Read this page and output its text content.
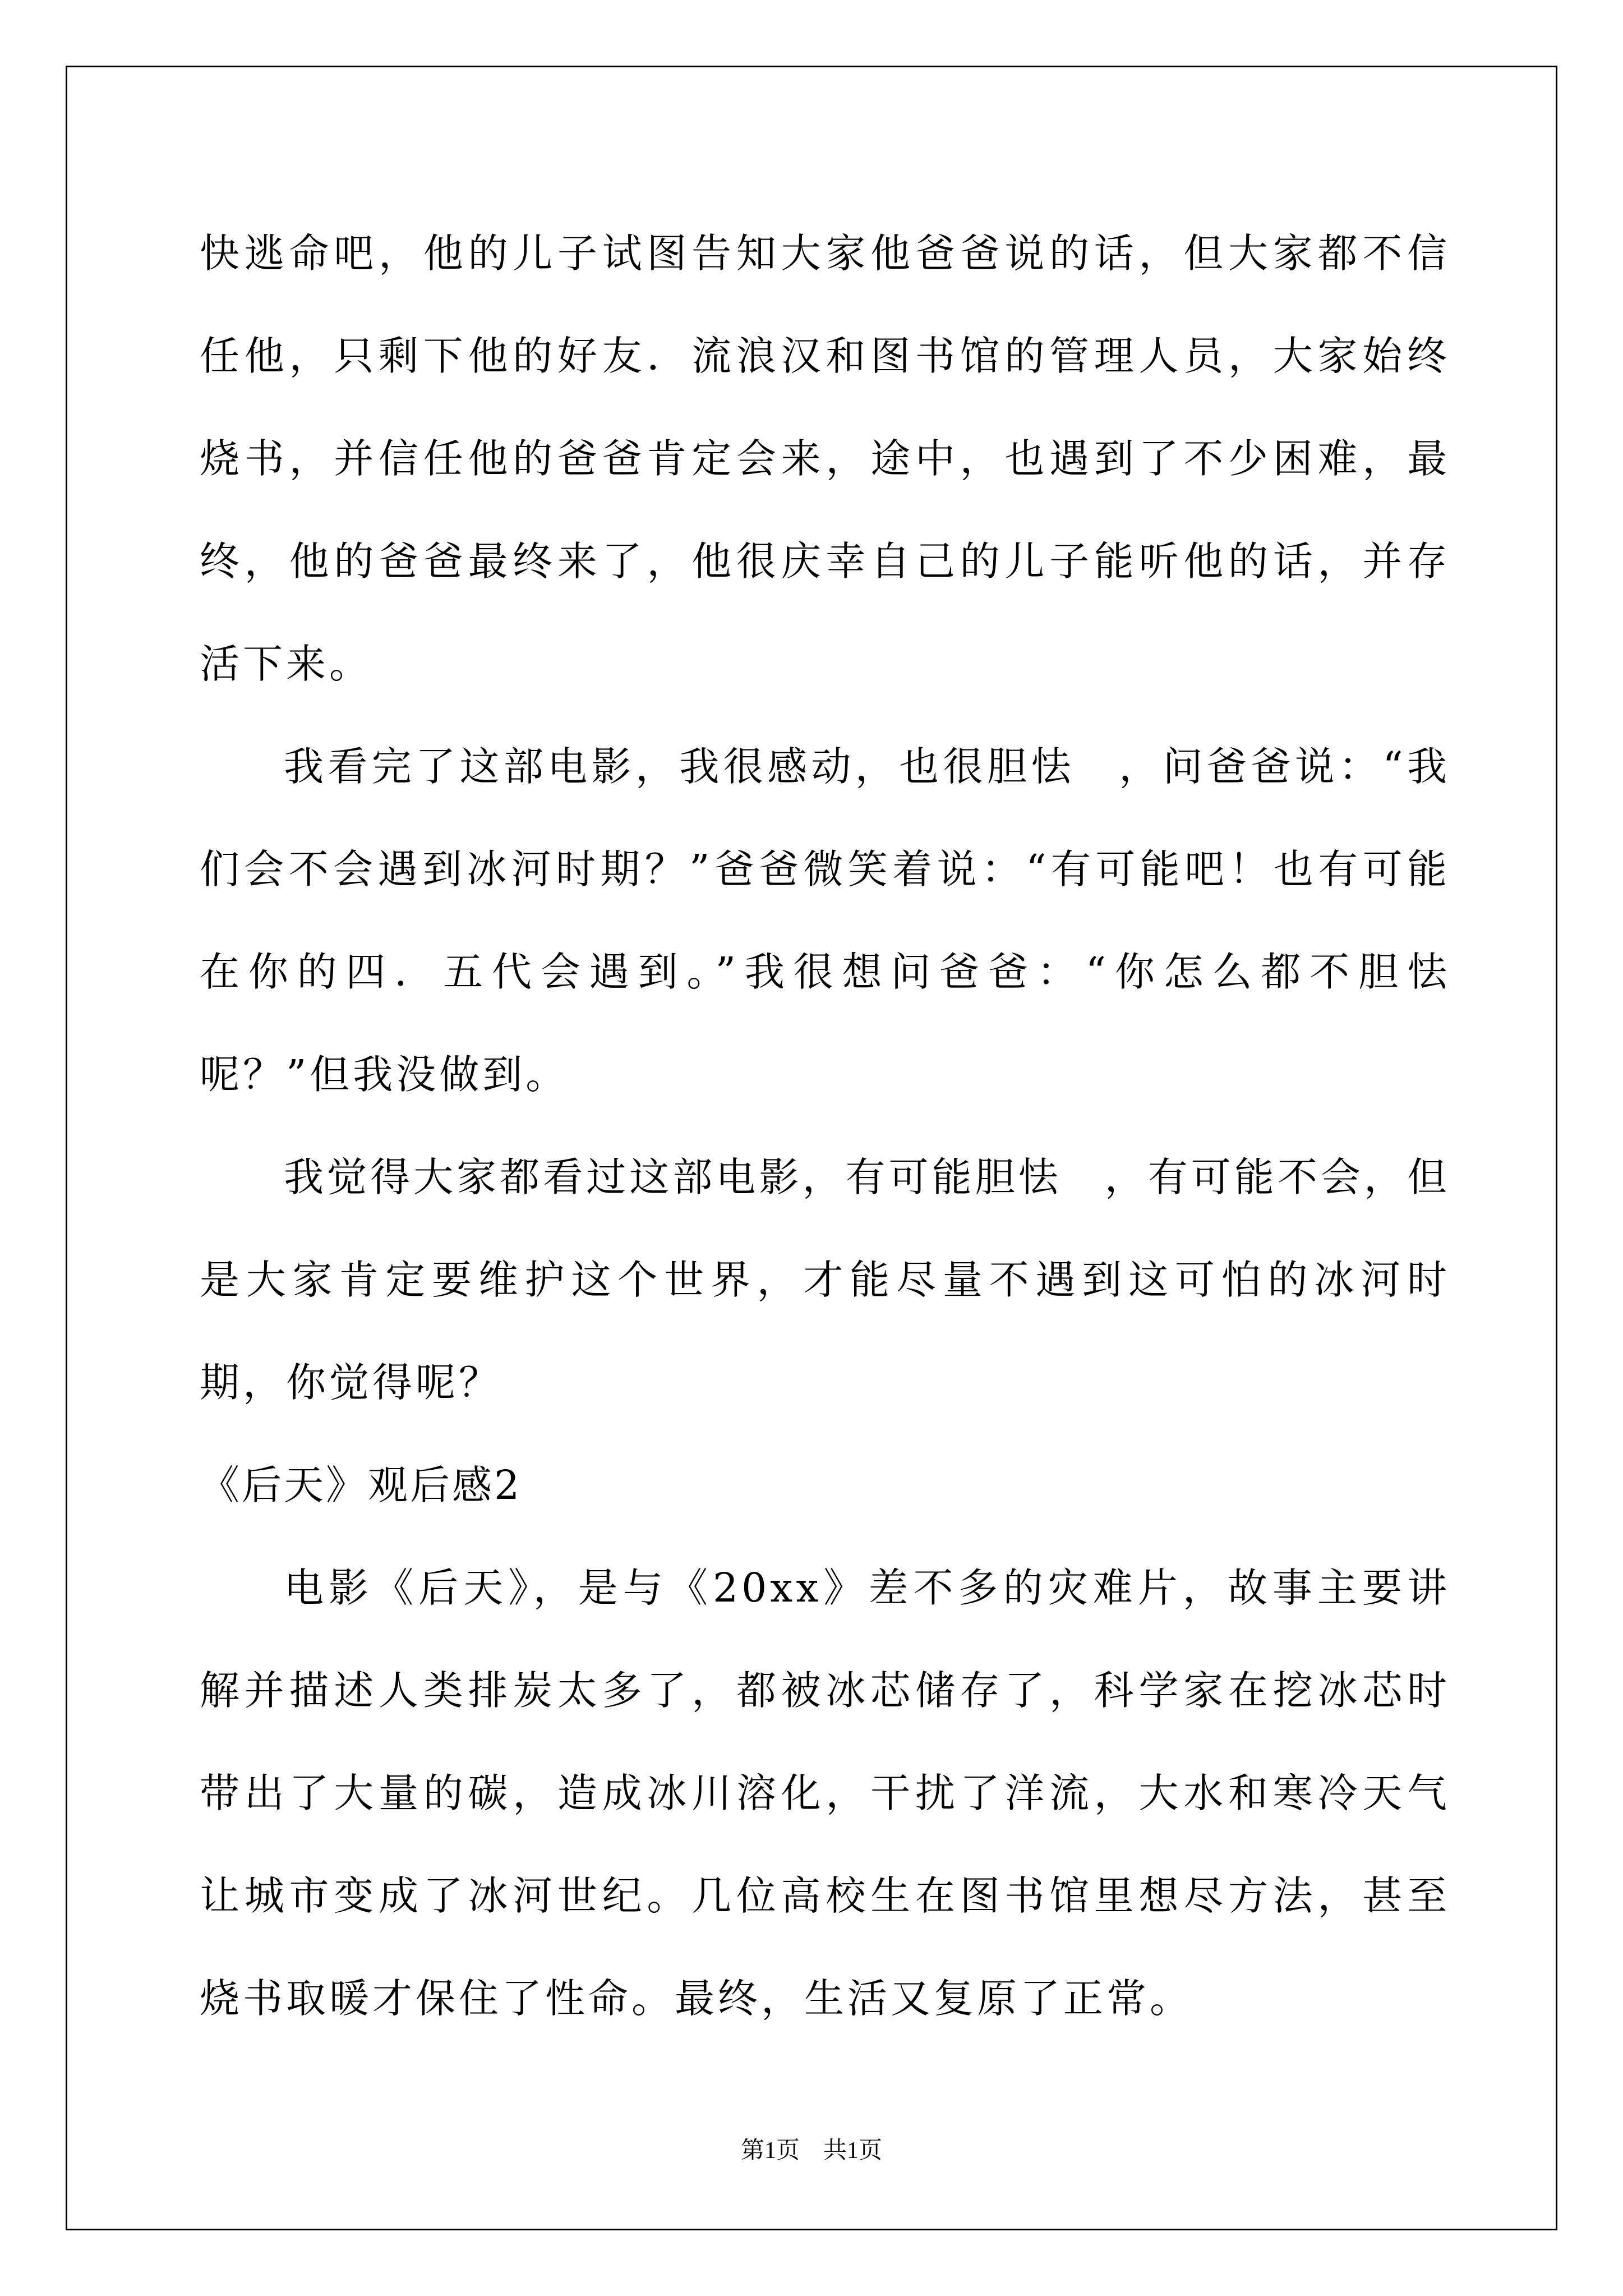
快逃命吧，他的儿子试图告知大家他爸爸说的话，但大家都不信任他，只剩下他的好友．流浪汉和图书馆的管理人员，大家始终烧书，并信任他的爸爸肯定会来，途中，也遇到了不少困难，最终，他的爸爸最终来了，他很庆幸自己的儿子能听他的话，并存活下来。

我看完了这部电影，我很感动，也很胆怯　，问爸爸说：“我们会不会遇到冰河时期？”爸爸微笑着说：“有可能吧！也有可能在你的四．五代会遇到。”我很想问爸爸：“你怎么都不胆怯呢？”但我没做到。

我觉得大家都看过这部电影，有可能胆怯　，有可能不会，但是大家肯定要维护这个世界，才能尽量不遇到这可怕的冰河时期，你觉得呢？

《后天》观后感2

电影《后天》，是与《20xx》差不多的灾难片，故事主要讲解并描述人类排炭太多了，都被冰芯储存了，科学家在挖冰芯时带出了大量的碳，造成冰川溶化，干扰了洋流，大水和寒冷天气让城市变成了冰河世纪。几位高校生在图书馆里想尽方法，甚至烧书取暖才保住了性命。最终，生活又复原了正常。

第1页　共1页
